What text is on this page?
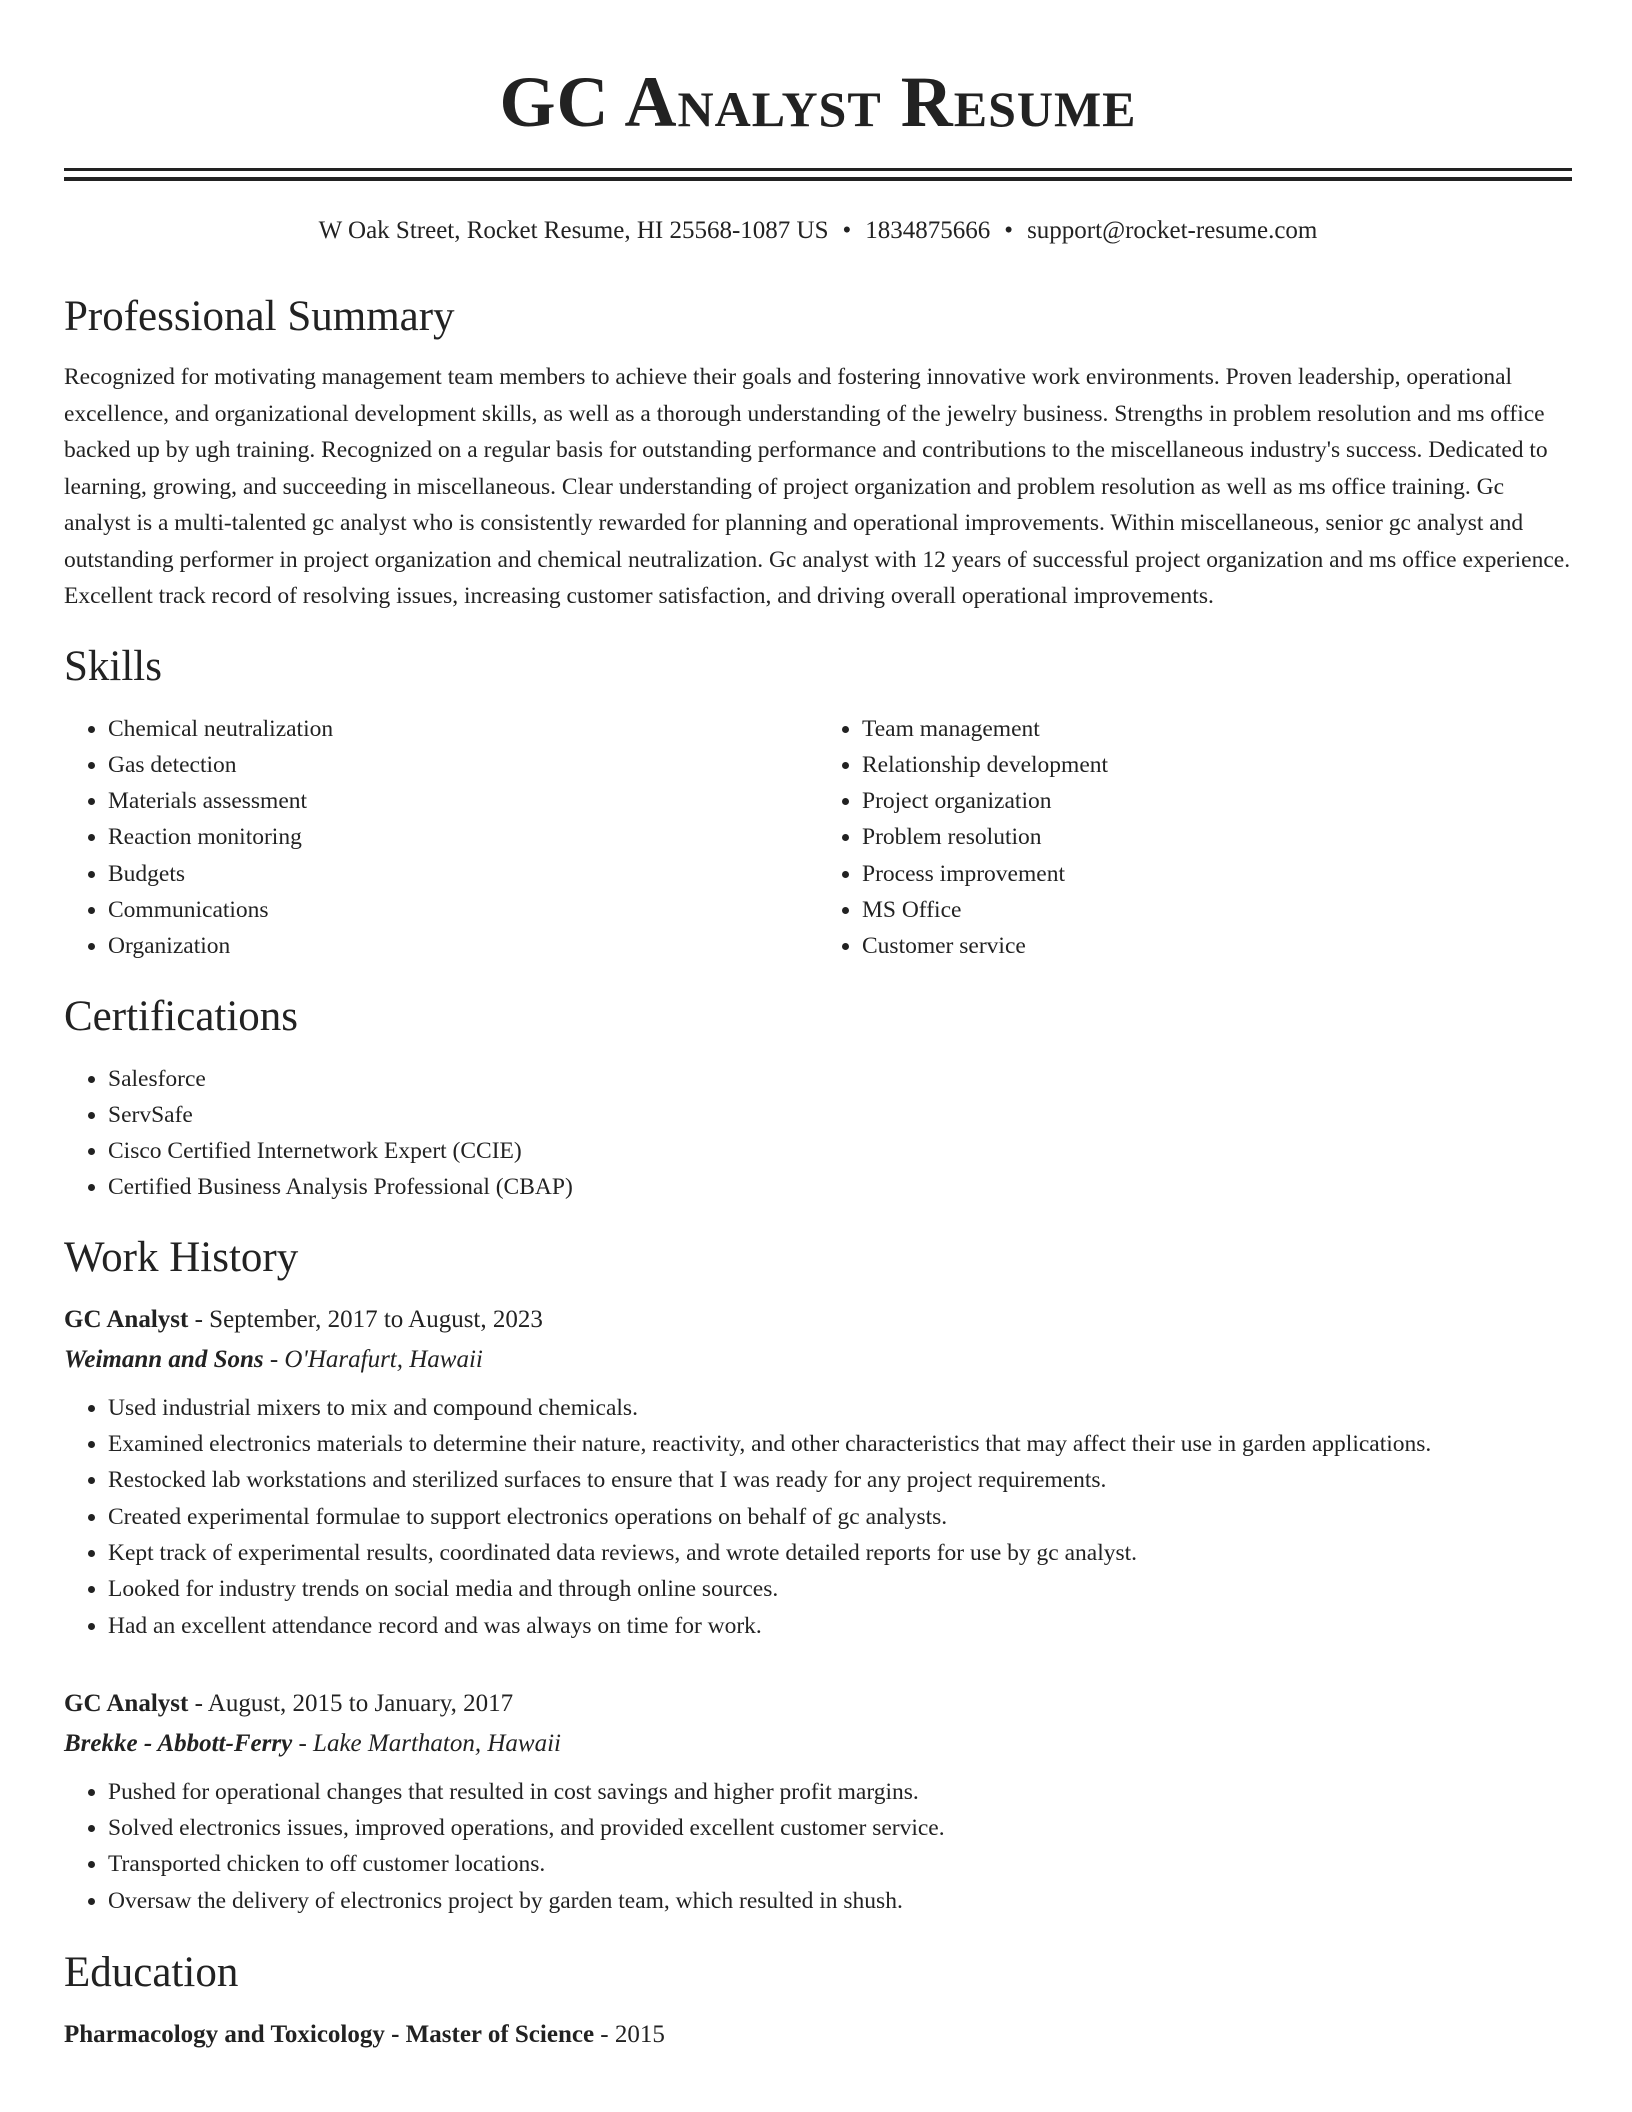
GC Analyst Resume
W Oak Street, Rocket Resume, HI 25568-1087 US • 1834875666 • support@rocket-resume.com
Professional Summary
Recognized for motivating management team members to achieve their goals and fostering innovative work environments. Proven leadership, operational excellence, and organizational development skills, as well as a thorough understanding of the jewelry business. Strengths in problem resolution and ms office backed up by ugh training. Recognized on a regular basis for outstanding performance and contributions to the miscellaneous industry's success. Dedicated to learning, growing, and succeeding in miscellaneous. Clear understanding of project organization and problem resolution as well as ms office training. Gc analyst is a multi-talented gc analyst who is consistently rewarded for planning and operational improvements. Within miscellaneous, senior gc analyst and outstanding performer in project organization and chemical neutralization. Gc analyst with 12 years of successful project organization and ms office experience. Excellent track record of resolving issues, increasing customer satisfaction, and driving overall operational improvements.
Skills
• Chemical neutralization
• Gas detection
• Materials assessment
• Reaction monitoring
• Budgets
• Communications
• Organization
• Team management
• Relationship development
• Project organization
• Problem resolution
• Process improvement
• MS Office
• Customer service
Certifications
• Salesforce
• ServSafe
• Cisco Certified Internetwork Expert (CCIE)
• Certified Business Analysis Professional (CBAP)
Work History
GC Analyst - September, 2017 to August, 2023
Weimann and Sons - O'Harafurt, Hawaii
• Used industrial mixers to mix and compound chemicals.
• Examined electronics materials to determine their nature, reactivity, and other characteristics that may affect their use in garden applications.
• Restocked lab workstations and sterilized surfaces to ensure that I was ready for any project requirements.
• Created experimental formulae to support electronics operations on behalf of gc analysts.
• Kept track of experimental results, coordinated data reviews, and wrote detailed reports for use by gc analyst.
• Looked for industry trends on social media and through online sources.
• Had an excellent attendance record and was always on time for work.
GC Analyst - August, 2015 to January, 2017
Brekke - Abbott-Ferry - Lake Marthaton, Hawaii
• Pushed for operational changes that resulted in cost savings and higher profit margins.
• Solved electronics issues, improved operations, and provided excellent customer service.
• Transported chicken to off customer locations.
• Oversaw the delivery of electronics project by garden team, which resulted in shush.
Education
Pharmacology and Toxicology - Master of Science - 2015
